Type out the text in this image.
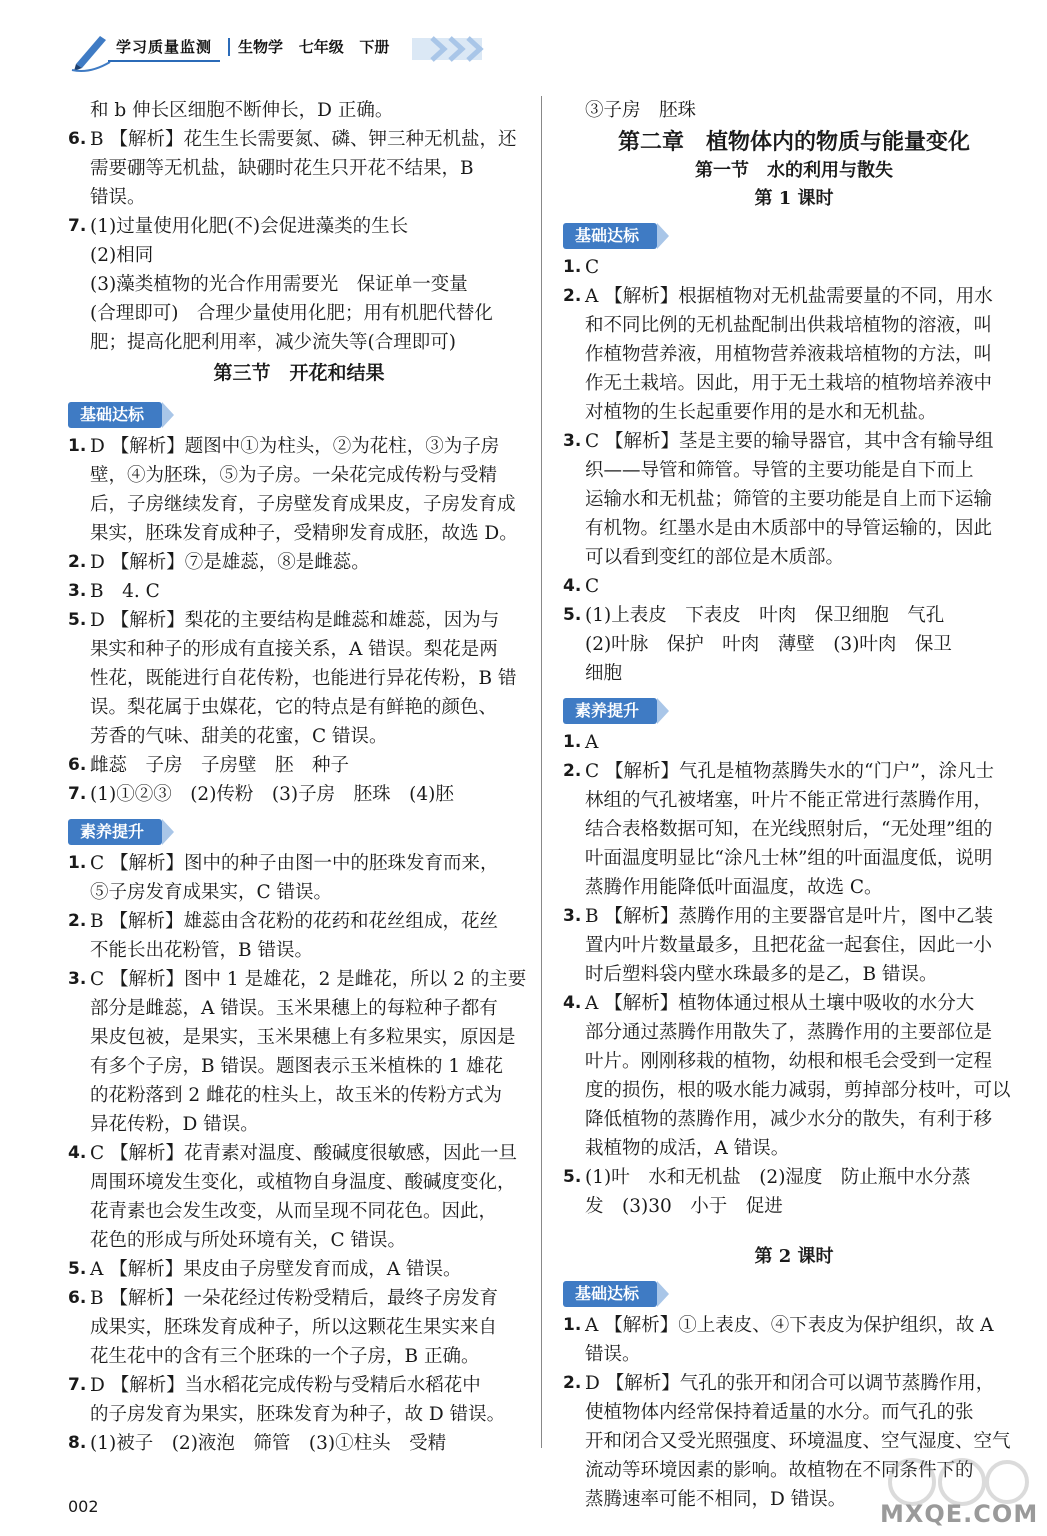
学习质量监测	生物学 七年级 下册
和 b 伸长区细胞不断伸长，D 正确。
6. B 【解析】花生生长需要氮、磷、钾三种无机盐，还
需要硼等无机盐，缺硼时花生只开花不结果，B
错误。
7. (1)过量使用化肥(不)会促进藻类的生长
(2)相同
(3)藻类植物的光合作用需要光　保证单一变量
(合理即可)　合理少量使用化肥；用有机肥代替化
肥；提高化肥利用率，减少流失等(合理即可)
第三节　开花和结果
基础达标
1. D 【解析】题图中①为柱头，②为花柱，③为子房
壁，④为胚珠，⑤为子房。一朵花完成传粉与受精
后，子房继续发育，子房壁发育成果皮，子房发育成
果实，胚珠发育成种子，受精卵发育成胚，故选 D。
2. D 【解析】⑦是雄蕊，⑧是雌蕊。
3. B　4. C
5. D 【解析】梨花的主要结构是雌蕊和雄蕊，因为与
果实和种子的形成有直接关系，A 错误。梨花是两
性花，既能进行自花传粉，也能进行异花传粉，B 错
误。梨花属于虫媒花，它的特点是有鲜艳的颜色、
芳香的气味、甜美的花蜜，C 错误。
6. 雌蕊　子房　子房壁　胚　种子
7. (1)①②③　(2)传粉　(3)子房　胚珠　(4)胚
素养提升
1. C 【解析】图中的种子由图一中的胚珠发育而来，
⑤子房发育成果实，C 错误。
2. B 【解析】雄蕊由含花粉的花药和花丝组成，花丝
不能长出花粉管，B 错误。
3. C 【解析】图中 1 是雄花，2 是雌花，所以 2 的主要
部分是雌蕊，A 错误。玉米果穗上的每粒种子都有
果皮包被，是果实，玉米果穗上有多粒果实，原因是
有多个子房，B 错误。题图表示玉米植株的 1 雄花
的花粉落到 2 雌花的柱头上，故玉米的传粉方式为
异花传粉，D 错误。
4. C 【解析】花青素对温度、酸碱度很敏感，因此一旦
周围环境发生变化，或植物自身温度、酸碱度变化，
花青素也会发生改变，从而呈现不同花色。因此，
花色的形成与所处环境有关，C 错误。
5. A 【解析】果皮由子房壁发育而成，A 错误。
6. B 【解析】一朵花经过传粉受精后，最终子房发育
成果实，胚珠发育成种子，所以这颗花生果实来自
花生花中的含有三个胚珠的一个子房，B 正确。
7. D 【解析】当水稻花完成传粉与受精后水稻花中
的子房发育为果实，胚珠发育为种子，故 D 错误。
8. (1)被子　(2)液泡　筛管　(3)①柱头　受精
③子房　胚珠
第二章　植物体内的物质与能量变化
第一节　水的利用与散失
第 1 课时
基础达标
1. C
2. A 【解析】根据植物对无机盐需要量的不同，用水
和不同比例的无机盐配制出供栽培植物的溶液，叫
作植物营养液，用植物营养液栽培植物的方法，叫
作无土栽培。因此，用于无土栽培的植物培养液中
对植物的生长起重要作用的是水和无机盐。
3. C 【解析】茎是主要的输导器官，其中含有输导组
织——导管和筛管。导管的主要功能是自下而上
运输水和无机盐；筛管的主要功能是自上而下运输
有机物。红墨水是由木质部中的导管运输的，因此
可以看到变红的部位是木质部。
4. C
5. (1)上表皮　下表皮　叶肉　保卫细胞　气孔
(2)叶脉　保护　叶肉　薄壁　(3)叶肉　保卫
细胞
素养提升
1. A
2. C 【解析】气孔是植物蒸腾失水的“门户”，涂凡士
林组的气孔被堵塞，叶片不能正常进行蒸腾作用，
结合表格数据可知，在光线照射后，“无处理”组的
叶面温度明显比“涂凡士林”组的叶面温度低，说明
蒸腾作用能降低叶面温度，故选 C。
3. B 【解析】蒸腾作用的主要器官是叶片，图中乙装
置内叶片数量最多，且把花盆一起套住，因此一小
时后塑料袋内壁水珠最多的是乙，B 错误。
4. A 【解析】植物体通过根从土壤中吸收的水分大
部分通过蒸腾作用散失了，蒸腾作用的主要部位是
叶片。刚刚移栽的植物，幼根和根毛会受到一定程
度的损伤，根的吸水能力减弱，剪掉部分枝叶，可以
降低植物的蒸腾作用，减少水分的散失，有利于移
栽植物的成活，A 错误。
5. (1)叶　水和无机盐　(2)湿度　防止瓶中水分蒸
发　(3)30　小于　促进
第 2 课时
基础达标
1. A 【解析】①上表皮、④下表皮为保护组织，故 A
错误。
2. D 【解析】气孔的张开和闭合可以调节蒸腾作用，
使植物体内经常保持着适量的水分。而气孔的张
开和闭合又受光照强度、环境温度、空气湿度、空气
流动等环境因素的影响。故植物在不同条件下的
蒸腾速率可能不相同，D 错误。
002	MXQE.COM
